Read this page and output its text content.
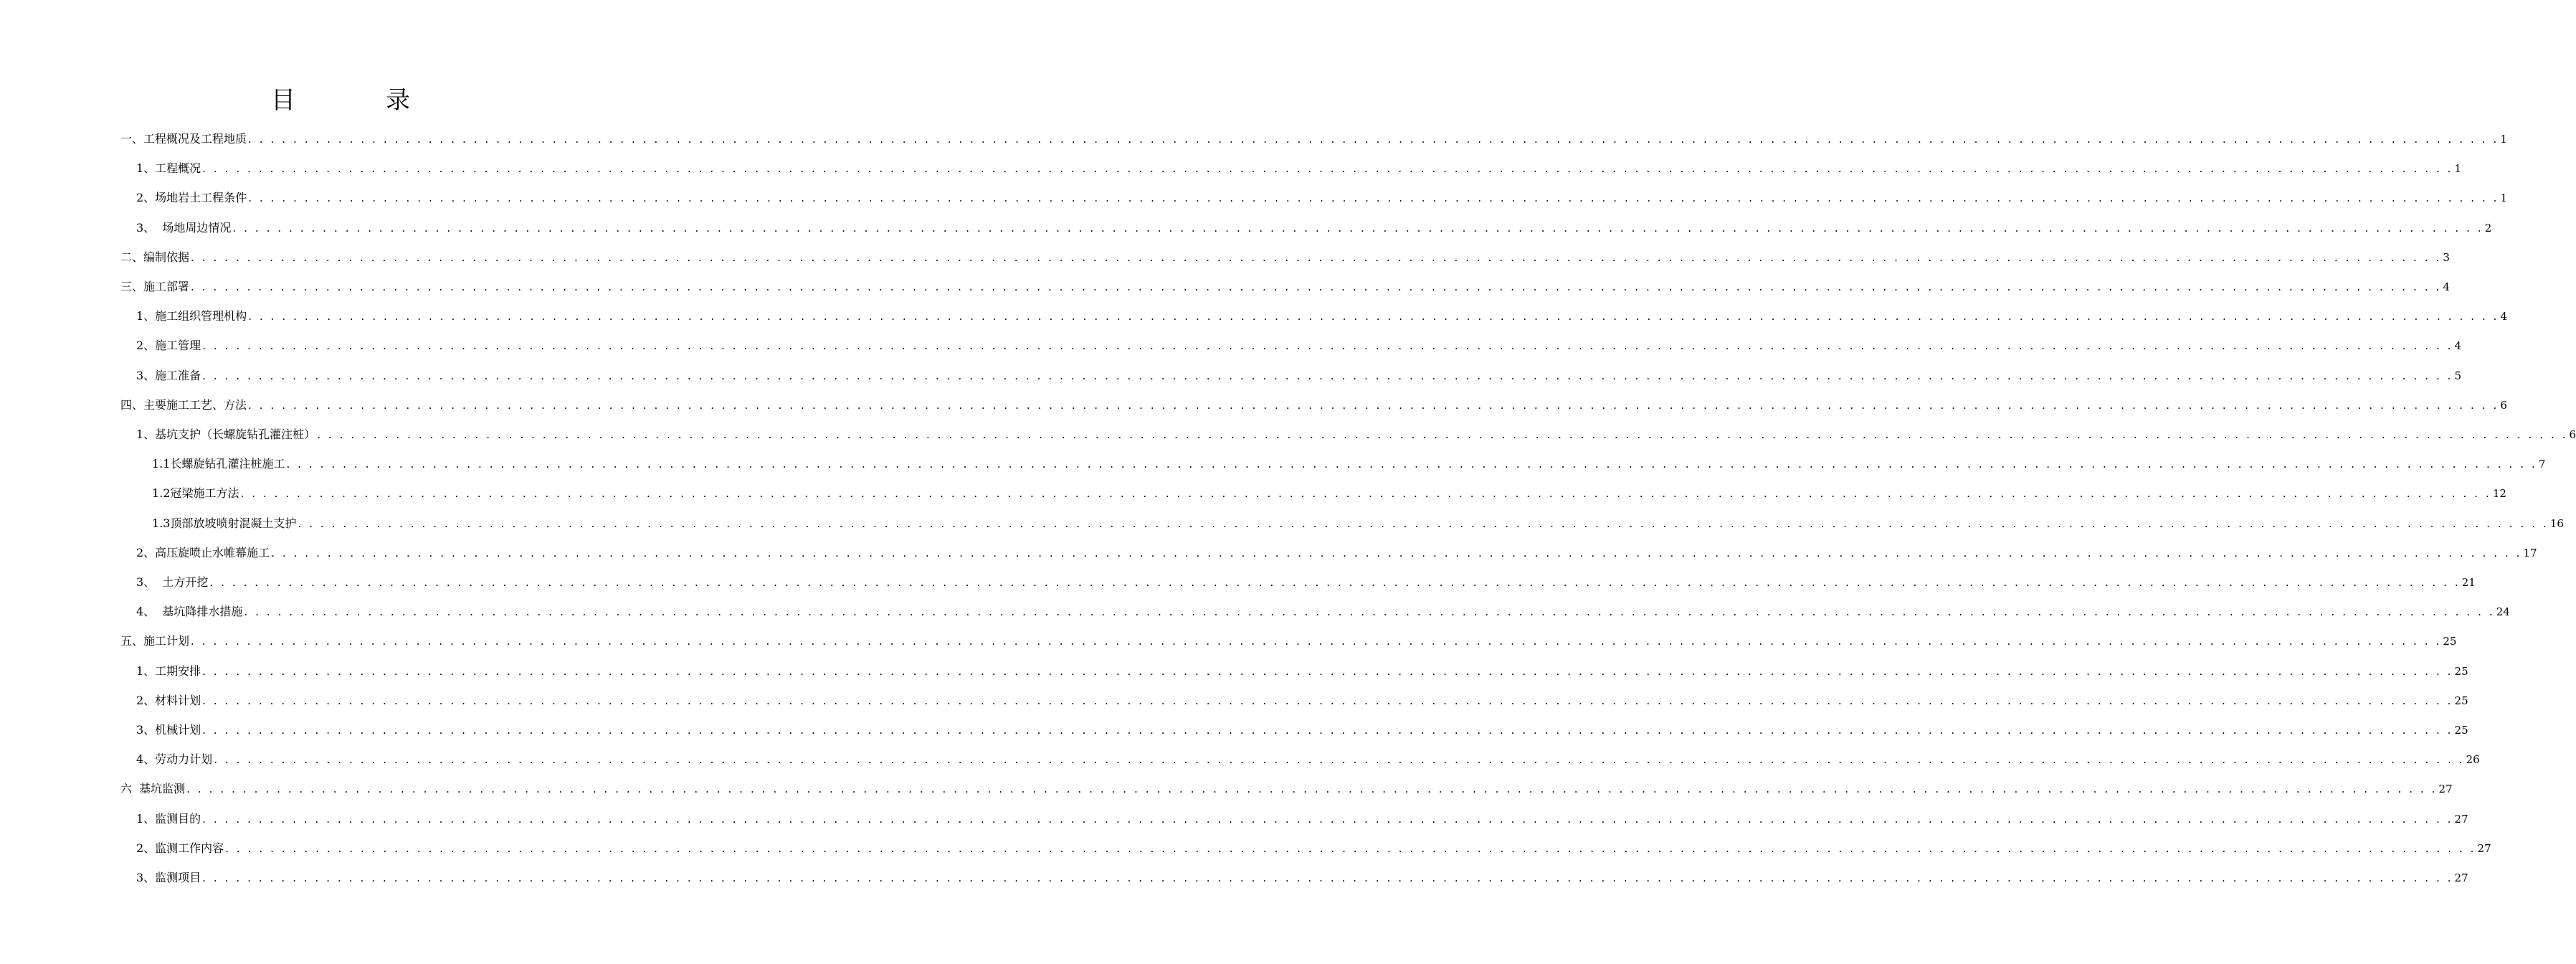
目　录
一、工程概况及工程地质 . . . . . . . . . . . . . . . . . . . . . . . . . . . . . . . . . . . . . . . . . . . . . . . . . . . . . . . . . . . . . . . . . . . . . . . . . . . . . . . . . . . . . . . . . . . . . . . . . . . . . . . . . . . . . . . . . . . . . . . . . . . . . . . . . . . . . . . . . . . . . . . . . . . . . . . . . . . . . . . . . . . . . . . . . . . . . . . . . . . . . . . . . . . . . . . . . . . . . . . . 1
1、工程概况 . . . . . . . . . . . . . . . . . . . . . . . . . . . . . . . . . . . . . . . . . . . . . . . . . . . . . . . . . . . . . . . . . . . . . . . . . . . . . . . . . . . . . . . . . . . . . . . . . . . . . . . . . . . . . . . . . . . . . . . . . . . . . . . . . . . . . . . . . . . . . . . . . . . . . . . . . . . . . . . . . . . . . . . . . . . . . . . . . . . . . . . . . . . . . . . . . . . . . . . . 1
2、场地岩土工程条件 . . . . . . . . . . . . . . . . . . . . . . . . . . . . . . . . . . . . . . . . . . . . . . . . . . . . . . . . . . . . . . . . . . . . . . . . . . . . . . . . . . . . . . . . . . . . . . . . . . . . . . . . . . . . . . . . . . . . . . . . . . . . . . . . . . . . . . . . . . . . . . . . . . . . . . . . . . . . . . . . . . . . . . . . . . . . . . . . . . . . . . . . . . . . . . . . . . . . . . . . 1
3、  场地周边情况 . . . . . . . . . . . . . . . . . . . . . . . . . . . . . . . . . . . . . . . . . . . . . . . . . . . . . . . . . . . . . . . . . . . . . . . . . . . . . . . . . . . . . . . . . . . . . . . . . . . . . . . . . . . . . . . . . . . . . . . . . . . . . . . . . . . . . . . . . . . . . . . . . . . . . . . . . . . . . . . . . . . . . . . . . . . . . . . . . . . . . . . . . . . . . . . . . . . . . . . . 2
二、编制依据 . . . . . . . . . . . . . . . . . . . . . . . . . . . . . . . . . . . . . . . . . . . . . . . . . . . . . . . . . . . . . . . . . . . . . . . . . . . . . . . . . . . . . . . . . . . . . . . . . . . . . . . . . . . . . . . . . . . . . . . . . . . . . . . . . . . . . . . . . . . . . . . . . . . . . . . . . . . . . . . . . . . . . . . . . . . . . . . . . . . . . . . . . . . . . . . . . . . . . . . . 3
三、施工部署 . . . . . . . . . . . . . . . . . . . . . . . . . . . . . . . . . . . . . . . . . . . . . . . . . . . . . . . . . . . . . . . . . . . . . . . . . . . . . . . . . . . . . . . . . . . . . . . . . . . . . . . . . . . . . . . . . . . . . . . . . . . . . . . . . . . . . . . . . . . . . . . . . . . . . . . . . . . . . . . . . . . . . . . . . . . . . . . . . . . . . . . . . . . . . . . . . . . . . . . . 4
1、施工组织管理机构 . . . . . . . . . . . . . . . . . . . . . . . . . . . . . . . . . . . . . . . . . . . . . . . . . . . . . . . . . . . . . . . . . . . . . . . . . . . . . . . . . . . . . . . . . . . . . . . . . . . . . . . . . . . . . . . . . . . . . . . . . . . . . . . . . . . . . . . . . . . . . . . . . . . . . . . . . . . . . . . . . . . . . . . . . . . . . . . . . . . . . . . . . . . . . . . . . . . . . . . . 4
2、施工管理 . . . . . . . . . . . . . . . . . . . . . . . . . . . . . . . . . . . . . . . . . . . . . . . . . . . . . . . . . . . . . . . . . . . . . . . . . . . . . . . . . . . . . . . . . . . . . . . . . . . . . . . . . . . . . . . . . . . . . . . . . . . . . . . . . . . . . . . . . . . . . . . . . . . . . . . . . . . . . . . . . . . . . . . . . . . . . . . . . . . . . . . . . . . . . . . . . . . . . . . . 4
3、施工准备 . . . . . . . . . . . . . . . . . . . . . . . . . . . . . . . . . . . . . . . . . . . . . . . . . . . . . . . . . . . . . . . . . . . . . . . . . . . . . . . . . . . . . . . . . . . . . . . . . . . . . . . . . . . . . . . . . . . . . . . . . . . . . . . . . . . . . . . . . . . . . . . . . . . . . . . . . . . . . . . . . . . . . . . . . . . . . . . . . . . . . . . . . . . . . . . . . . . . . . . . 5
四、主要施工工艺、方法 . . . . . . . . . . . . . . . . . . . . . . . . . . . . . . . . . . . . . . . . . . . . . . . . . . . . . . . . . . . . . . . . . . . . . . . . . . . . . . . . . . . . . . . . . . . . . . . . . . . . . . . . . . . . . . . . . . . . . . . . . . . . . . . . . . . . . . . . . . . . . . . . . . . . . . . . . . . . . . . . . . . . . . . . . . . . . . . . . . . . . . . . . . . . . . . . . . . . . . . . 6
1、基坑支护（长螺旋钻孔灌注桩） . . . . . . . . . . . . . . . . . . . . . . . . . . . . . . . . . . . . . . . . . . . . . . . . . . . . . . . . . . . . . . . . . . . . . . . . . . . . . . . . . . . . . . . . . . . . . . . . . . . . . . . . . . . . . . . . . . . . . . . . . . . . . . . . . . . . . . . . . . . . . . . . . . . . . . . . . . . . . . . . . . . . . . . . . . . . . . . . . . . . . . . . . . . . . . . . . . . . . . . . 6
1.1长螺旋钻孔灌注桩施工 . . . . . . . . . . . . . . . . . . . . . . . . . . . . . . . . . . . . . . . . . . . . . . . . . . . . . . . . . . . . . . . . . . . . . . . . . . . . . . . . . . . . . . . . . . . . . . . . . . . . . . . . . . . . . . . . . . . . . . . . . . . . . . . . . . . . . . . . . . . . . . . . . . . . . . . . . . . . . . . . . . . . . . . . . . . . . . . . . . . . . . . . . . . . . . . . . . . . . . . . 7
1.2冠梁施工方法 . . . . . . . . . . . . . . . . . . . . . . . . . . . . . . . . . . . . . . . . . . . . . . . . . . . . . . . . . . . . . . . . . . . . . . . . . . . . . . . . . . . . . . . . . . . . . . . . . . . . . . . . . . . . . . . . . . . . . . . . . . . . . . . . . . . . . . . . . . . . . . . . . . . . . . . . . . . . . . . . . . . . . . . . . . . . . . . . . . . . . . . . . . . . . . . . . . . . . . . . 12
1.3顶部放坡喷射混凝土支护 . . . . . . . . . . . . . . . . . . . . . . . . . . . . . . . . . . . . . . . . . . . . . . . . . . . . . . . . . . . . . . . . . . . . . . . . . . . . . . . . . . . . . . . . . . . . . . . . . . . . . . . . . . . . . . . . . . . . . . . . . . . . . . . . . . . . . . . . . . . . . . . . . . . . . . . . . . . . . . . . . . . . . . . . . . . . . . . . . . . . . . . . . . . . . . . . . . . . . . . . 16
2、高压旋喷止水帷幕施工 . . . . . . . . . . . . . . . . . . . . . . . . . . . . . . . . . . . . . . . . . . . . . . . . . . . . . . . . . . . . . . . . . . . . . . . . . . . . . . . . . . . . . . . . . . . . . . . . . . . . . . . . . . . . . . . . . . . . . . . . . . . . . . . . . . . . . . . . . . . . . . . . . . . . . . . . . . . . . . . . . . . . . . . . . . . . . . . . . . . . . . . . . . . . . . . . . . . . . . . . 17
3、  土方开挖 . . . . . . . . . . . . . . . . . . . . . . . . . . . . . . . . . . . . . . . . . . . . . . . . . . . . . . . . . . . . . . . . . . . . . . . . . . . . . . . . . . . . . . . . . . . . . . . . . . . . . . . . . . . . . . . . . . . . . . . . . . . . . . . . . . . . . . . . . . . . . . . . . . . . . . . . . . . . . . . . . . . . . . . . . . . . . . . . . . . . . . . . . . . . . . . . . . . . . . . . 21
4、  基坑降排水措施 . . . . . . . . . . . . . . . . . . . . . . . . . . . . . . . . . . . . . . . . . . . . . . . . . . . . . . . . . . . . . . . . . . . . . . . . . . . . . . . . . . . . . . . . . . . . . . . . . . . . . . . . . . . . . . . . . . . . . . . . . . . . . . . . . . . . . . . . . . . . . . . . . . . . . . . . . . . . . . . . . . . . . . . . . . . . . . . . . . . . . . . . . . . . . . . . . . . . . . . . 24
五、施工计划 . . . . . . . . . . . . . . . . . . . . . . . . . . . . . . . . . . . . . . . . . . . . . . . . . . . . . . . . . . . . . . . . . . . . . . . . . . . . . . . . . . . . . . . . . . . . . . . . . . . . . . . . . . . . . . . . . . . . . . . . . . . . . . . . . . . . . . . . . . . . . . . . . . . . . . . . . . . . . . . . . . . . . . . . . . . . . . . . . . . . . . . . . . . . . . . . . . . . . . . . 25
1、工期安排 . . . . . . . . . . . . . . . . . . . . . . . . . . . . . . . . . . . . . . . . . . . . . . . . . . . . . . . . . . . . . . . . . . . . . . . . . . . . . . . . . . . . . . . . . . . . . . . . . . . . . . . . . . . . . . . . . . . . . . . . . . . . . . . . . . . . . . . . . . . . . . . . . . . . . . . . . . . . . . . . . . . . . . . . . . . . . . . . . . . . . . . . . . . . . . . . . . . . . . . . 25
2、材料计划 . . . . . . . . . . . . . . . . . . . . . . . . . . . . . . . . . . . . . . . . . . . . . . . . . . . . . . . . . . . . . . . . . . . . . . . . . . . . . . . . . . . . . . . . . . . . . . . . . . . . . . . . . . . . . . . . . . . . . . . . . . . . . . . . . . . . . . . . . . . . . . . . . . . . . . . . . . . . . . . . . . . . . . . . . . . . . . . . . . . . . . . . . . . . . . . . . . . . . . . . 25
3、机械计划 . . . . . . . . . . . . . . . . . . . . . . . . . . . . . . . . . . . . . . . . . . . . . . . . . . . . . . . . . . . . . . . . . . . . . . . . . . . . . . . . . . . . . . . . . . . . . . . . . . . . . . . . . . . . . . . . . . . . . . . . . . . . . . . . . . . . . . . . . . . . . . . . . . . . . . . . . . . . . . . . . . . . . . . . . . . . . . . . . . . . . . . . . . . . . . . . . . . . . . . . 25
4、劳动力计划 . . . . . . . . . . . . . . . . . . . . . . . . . . . . . . . . . . . . . . . . . . . . . . . . . . . . . . . . . . . . . . . . . . . . . . . . . . . . . . . . . . . . . . . . . . . . . . . . . . . . . . . . . . . . . . . . . . . . . . . . . . . . . . . . . . . . . . . . . . . . . . . . . . . . . . . . . . . . . . . . . . . . . . . . . . . . . . . . . . . . . . . . . . . . . . . . . . . . . . . . 26
六  基坑监测 . . . . . . . . . . . . . . . . . . . . . . . . . . . . . . . . . . . . . . . . . . . . . . . . . . . . . . . . . . . . . . . . . . . . . . . . . . . . . . . . . . . . . . . . . . . . . . . . . . . . . . . . . . . . . . . . . . . . . . . . . . . . . . . . . . . . . . . . . . . . . . . . . . . . . . . . . . . . . . . . . . . . . . . . . . . . . . . . . . . . . . . . . . . . . . . . . . . . . . . . 27
1、监测目的 . . . . . . . . . . . . . . . . . . . . . . . . . . . . . . . . . . . . . . . . . . . . . . . . . . . . . . . . . . . . . . . . . . . . . . . . . . . . . . . . . . . . . . . . . . . . . . . . . . . . . . . . . . . . . . . . . . . . . . . . . . . . . . . . . . . . . . . . . . . . . . . . . . . . . . . . . . . . . . . . . . . . . . . . . . . . . . . . . . . . . . . . . . . . . . . . . . . . . . . . 27
2、监测工作内容 . . . . . . . . . . . . . . . . . . . . . . . . . . . . . . . . . . . . . . . . . . . . . . . . . . . . . . . . . . . . . . . . . . . . . . . . . . . . . . . . . . . . . . . . . . . . . . . . . . . . . . . . . . . . . . . . . . . . . . . . . . . . . . . . . . . . . . . . . . . . . . . . . . . . . . . . . . . . . . . . . . . . . . . . . . . . . . . . . . . . . . . . . . . . . . . . . . . . . . . . 27
3、监测项目 . . . . . . . . . . . . . . . . . . . . . . . . . . . . . . . . . . . . . . . . . . . . . . . . . . . . . . . . . . . . . . . . . . . . . . . . . . . . . . . . . . . . . . . . . . . . . . . . . . . . . . . . . . . . . . . . . . . . . . . . . . . . . . . . . . . . . . . . . . . . . . . . . . . . . . . . . . . . . . . . . . . . . . . . . . . . . . . . . . . . . . . . . . . . . . . . . . . . . . . . 27
